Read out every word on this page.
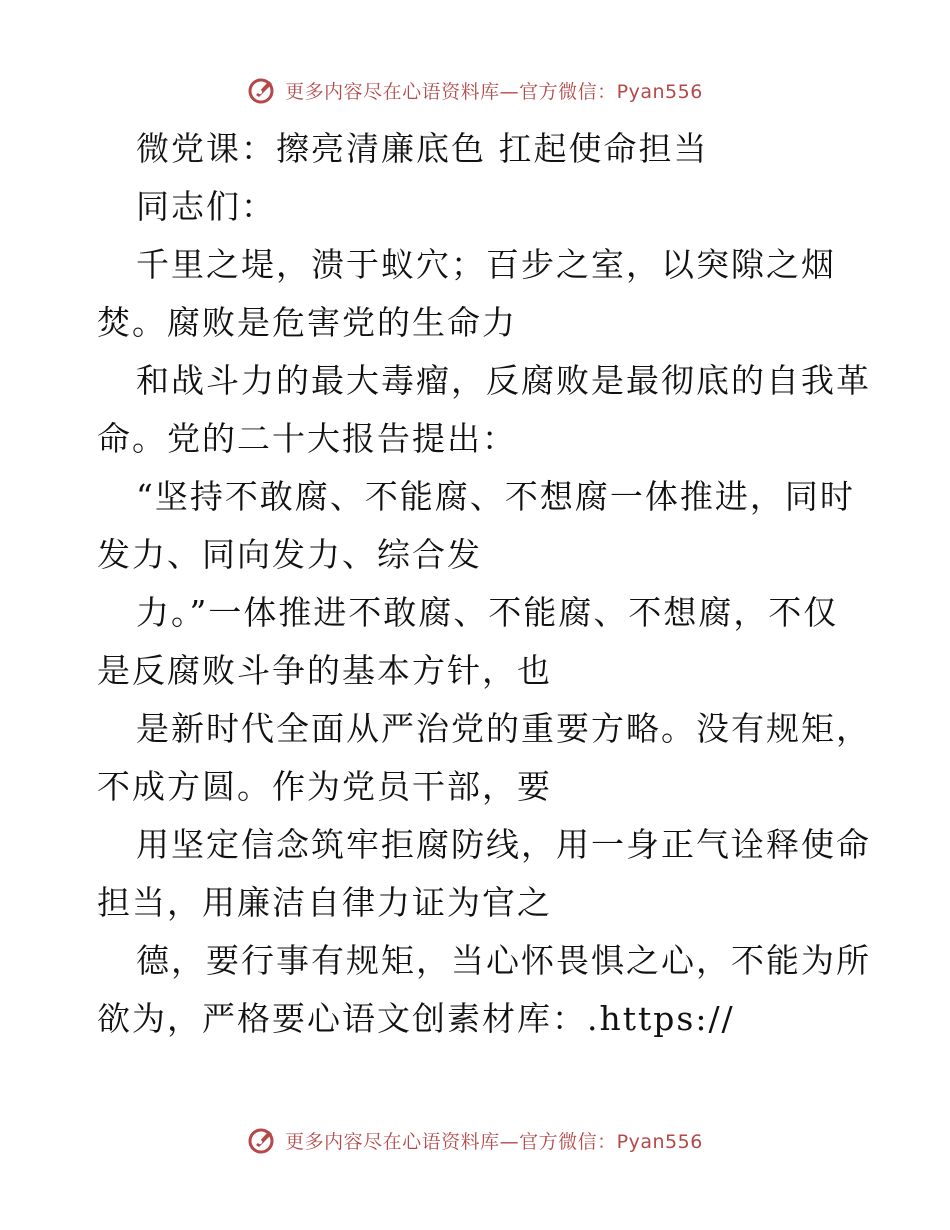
更多内容尽在心语资料库—官方微信：Pyan556
微党课：擦亮清廉底色 扛起使命担当
同志们：
千里之堤，溃于蚁穴；百步之室，以突隙之烟
焚。腐败是危害党的生命力
和战斗力的最大毒瘤，反腐败是最彻底的自我革
命。党的二十大报告提出：
“坚持不敢腐、不能腐、不想腐一体推进，同时
发力、同向发力、综合发
力。”一体推进不敢腐、不能腐、不想腐，不仅
是反腐败斗争的基本方针，也
是新时代全面从严治党的重要方略。没有规矩，
不成方圆。作为党员干部，要
用坚定信念筑牢拒腐防线，用一身正气诠释使命
担当，用廉洁自律力证为官之
德，要行事有规矩，当心怀畏惧之心，不能为所
欲为，严格要心语文创素材库：.https://
更多内容尽在心语资料库—官方微信：Pyan556
